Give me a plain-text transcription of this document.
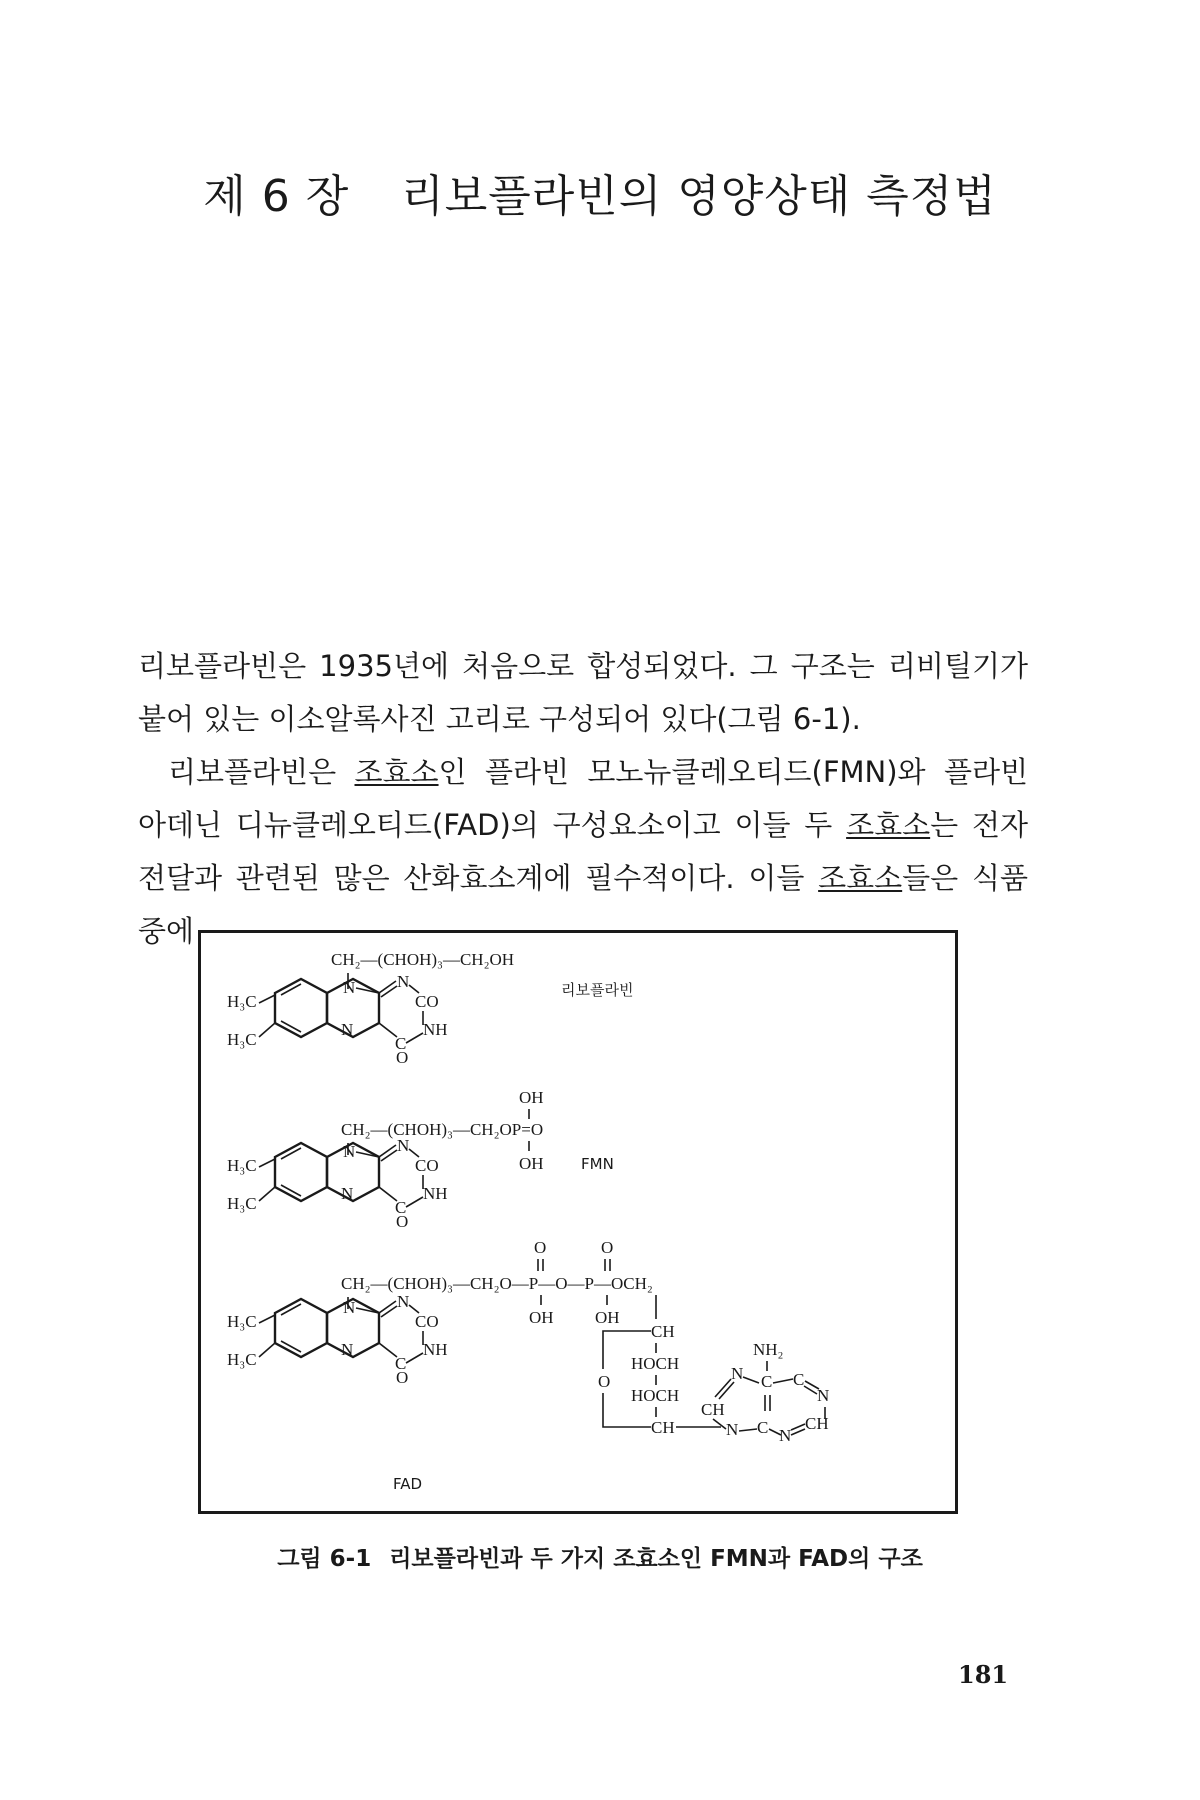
제 6 장 리보플라빈의 영양상태 측정법

리보플라빈은 1935년에 처음으로 합성되었다. 그 구조는 리비틸기가 붙어 있는 이소알록사진 고리로 구성되어 있다(그림 6-1).

리보플라빈은 조효소인 플라빈 모노뉴클레오티드(FMN)와 플라빈 아데닌 디뉴클레오티드(FAD)의 구성요소이고 이들 두 조효소는 전자전달과 관련된 많은 산화효소계에 필수적이다. 이들 조효소들은 식품 중에

CH₂—(CHOH)₃—CH₂OH
H₃C
H₃C
N
N
N
CO
NH
C
O
리보플라빈
OH
CH₂—(CHOH)₃—CH₂OP=O
OH
H₃C
H₃C
N
N
N
CO
NH
C
O
FMN
O	O
CH₂—(CHOH)₃—CH₂O—P—O—P—OCH₂
OH OH
H₃C
H₃C
N
N
N
CO
NH
C
O
CH
HOCH
HOCH
CH
O
NH₂
C
N	C
N
CH
N C N
CH
FAD
그림 6-1 리보플라빈과 두 가지 조효소인 FMN과 FAD의 구조
181
